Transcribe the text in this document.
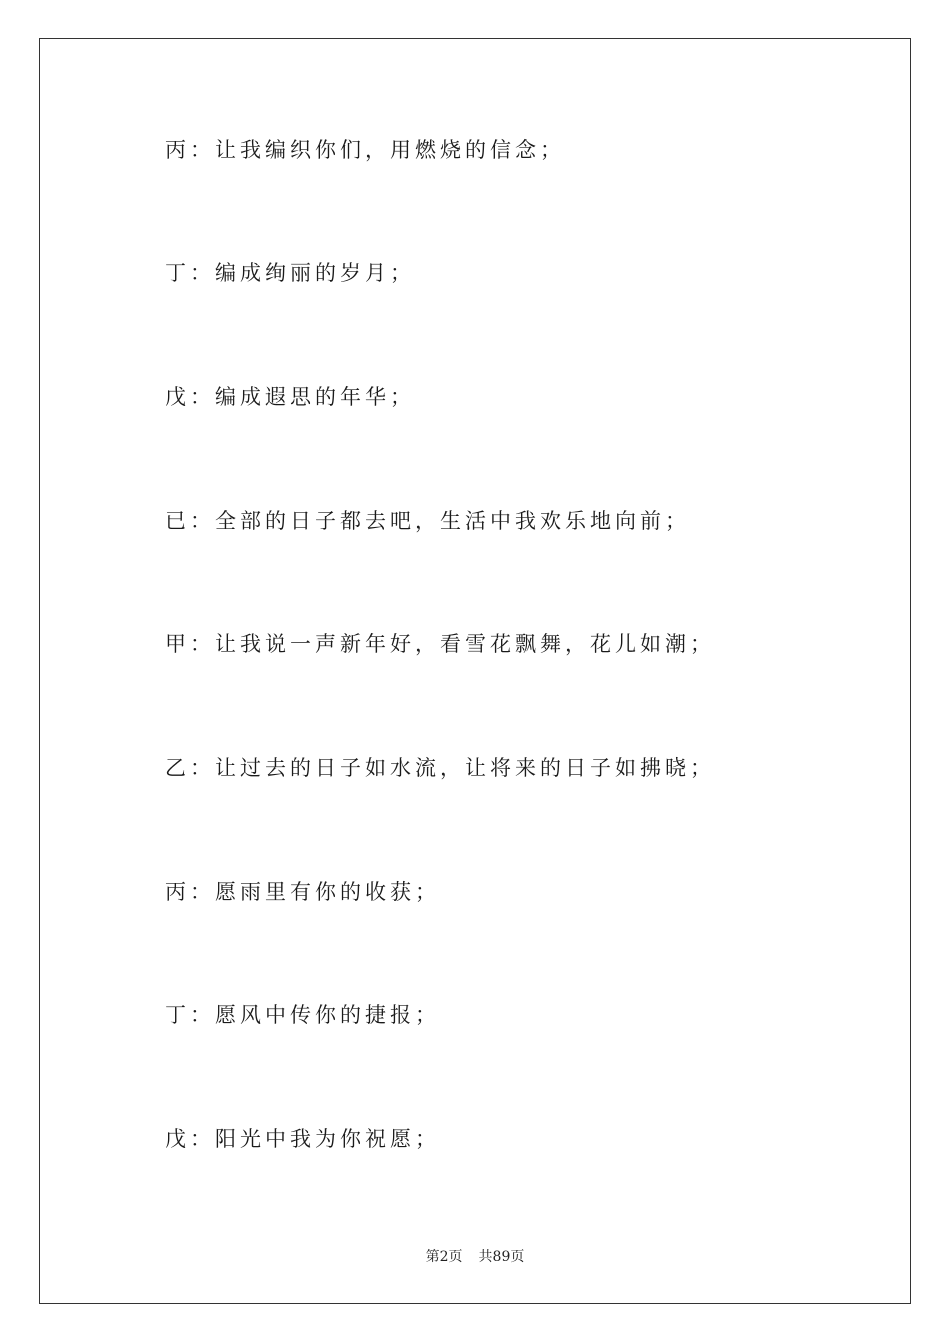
丙：让我编织你们，用燃烧的信念；
丁：编成绚丽的岁月；
戊：编成遐思的年华；
已：全部的日子都去吧，生活中我欢乐地向前；
甲：让我说一声新年好，看雪花飘舞，花儿如潮；
乙：让过去的日子如水流，让将来的日子如拂晓；
丙：愿雨里有你的收获；
丁：愿风中传你的捷报；
戊：阳光中我为你祝愿；
第2页 共89页
